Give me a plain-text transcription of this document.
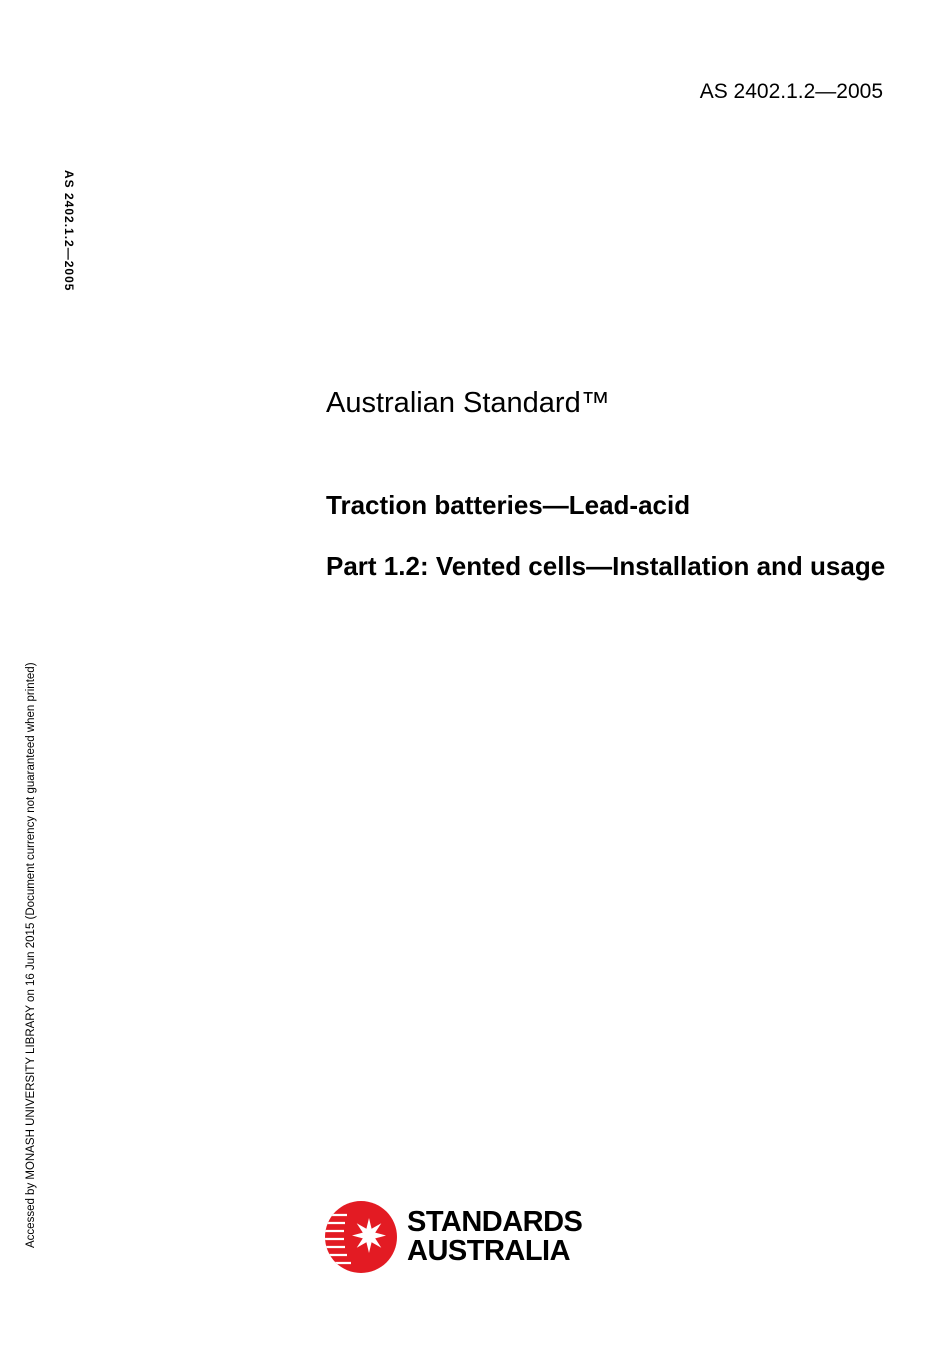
AS 2402.1.2—2005
AS 2402.1.2—2005
Accessed by MONASH UNIVERSITY LIBRARY on 16 Jun 2015 (Document currency not guaranteed when printed)
Australian Standard™
Traction batteries—Lead-acid
Part 1.2: Vented cells—Installation and usage
STANDARDS
AUSTRALIA
